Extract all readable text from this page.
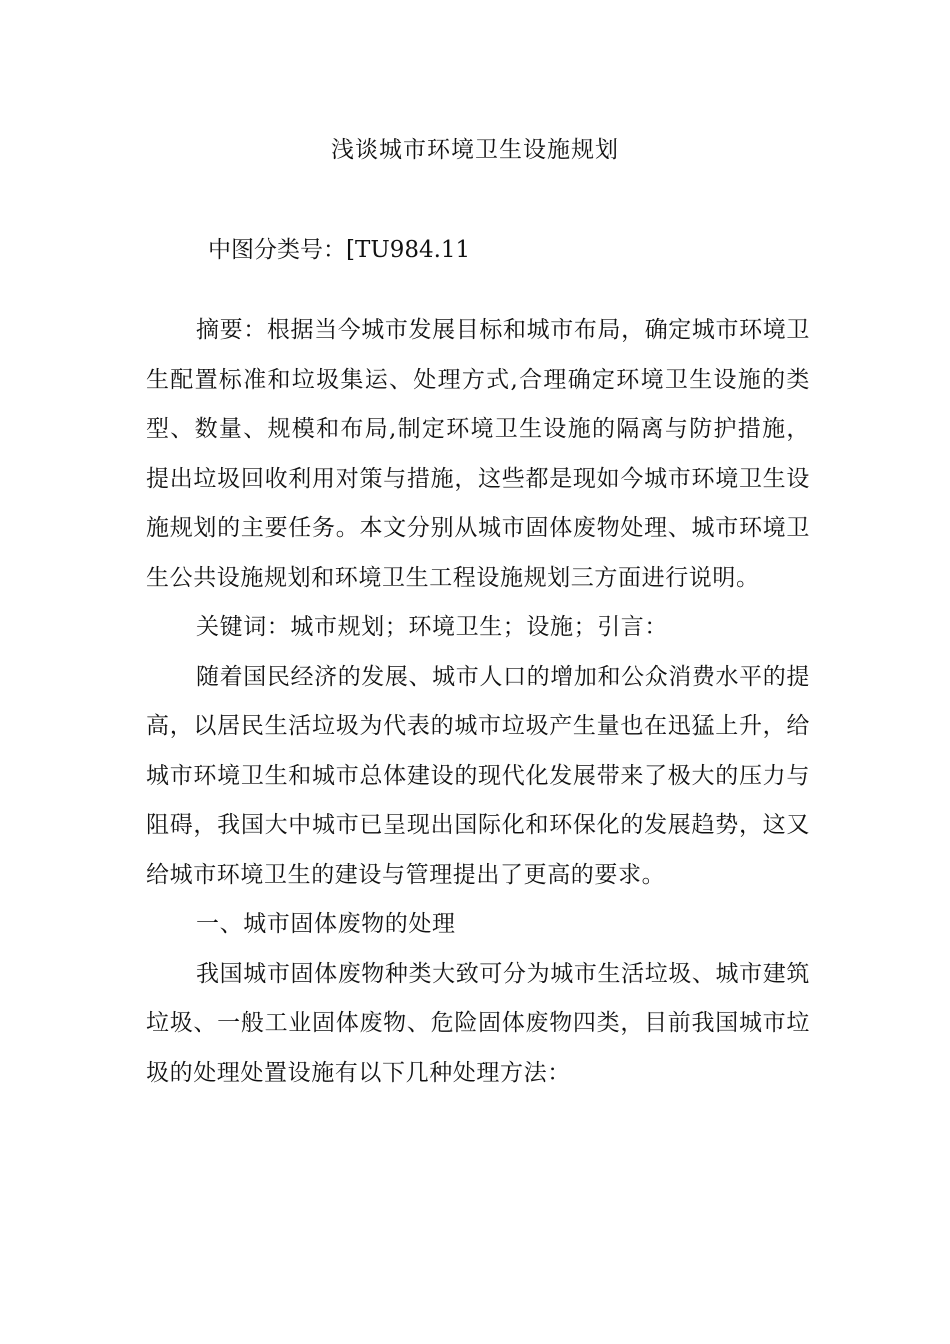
浅谈城市环境卫生设施规划
中图分类号：[TU984.11

摘要：根据当今城市发展目标和城市布局，确定城市环境卫生配置标准和垃圾集运、处理方式,合理确定环境卫生设施的类型、数量、规模和布局,制定环境卫生设施的隔离与防护措施，提出垃圾回收利用对策与措施，这些都是现如今城市环境卫生设施规划的主要任务。本文分别从城市固体废物处理、城市环境卫生公共设施规划和环境卫生工程设施规划三方面进行说明。

关键词：城市规划；环境卫生；设施；引言：

随着国民经济的发展、城市人口的增加和公众消费水平的提高，以居民生活垃圾为代表的城市垃圾产生量也在迅猛上升，给城市环境卫生和城市总体建设的现代化发展带来了极大的压力与阻碍，我国大中城市已呈现出国际化和环保化的发展趋势，这又给城市环境卫生的建设与管理提出了更高的要求。

一、城市固体废物的处理

我国城市固体废物种类大致可分为城市生活垃圾、城市建筑垃圾、一般工业固体废物、危险固体废物四类，目前我国城市垃圾的处理处置设施有以下几种处理方法：
